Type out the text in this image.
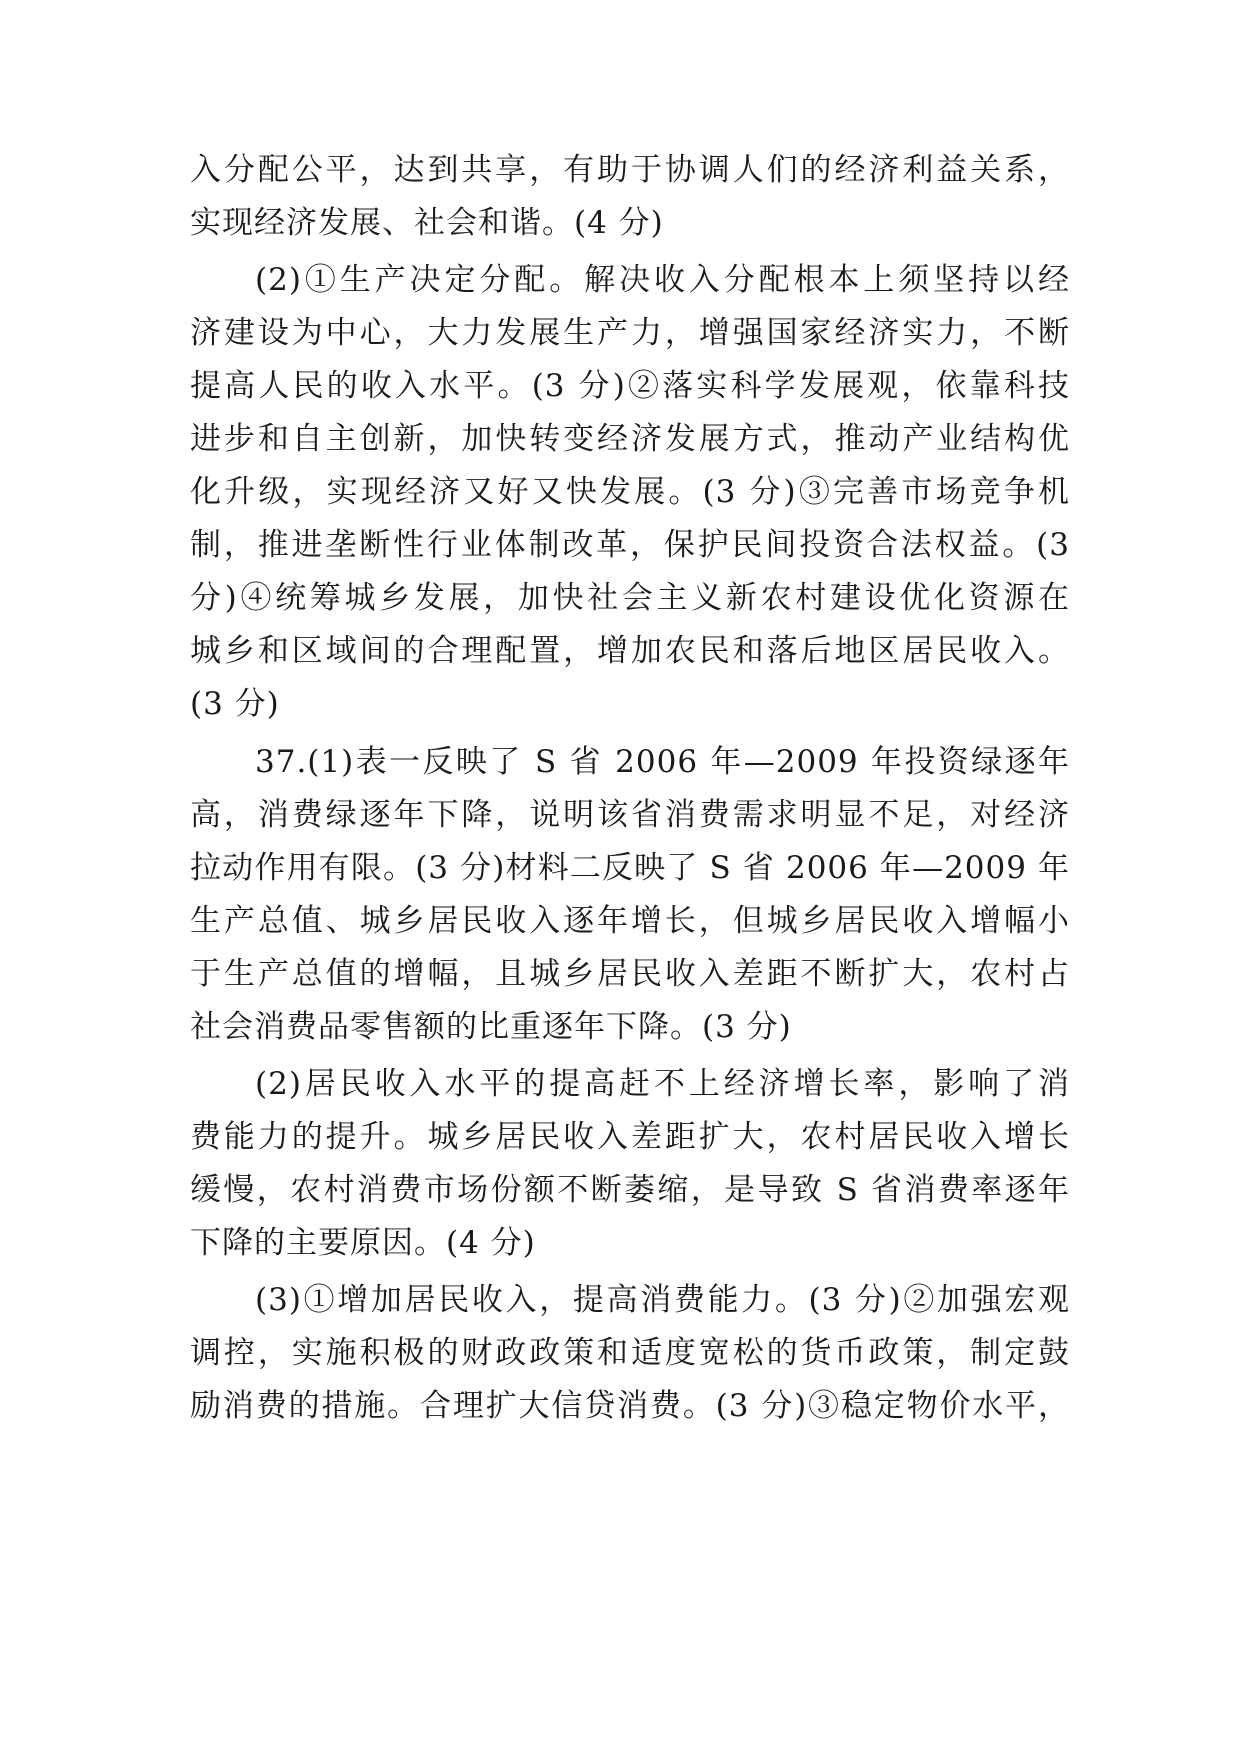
入分配公平，达到共享，有助于协调人们的经济利益关系，
实现经济发展、社会和谐。(4 分)
(2)①生产决定分配。解决收入分配根本上须坚持以经
济建设为中心，大力发展生产力，增强国家经济实力，不断
提高人民的收入水平。(3 分)②落实科学发展观，依靠科技
进步和自主创新，加快转变经济发展方式，推动产业结构优
化升级，实现经济又好又快发展。(3 分)③完善市场竞争机
制，推进垄断性行业体制改革，保护民间投资合法权益。(3
分)④统筹城乡发展，加快社会主义新农村建设优化资源在
城乡和区域间的合理配置，增加农民和落后地区居民收入。
(3 分)
37.(1)表一反映了 S 省 2006 年—2009 年投资绿逐年
高，消费绿逐年下降，说明该省消费需求明显不足，对经济
拉动作用有限。(3 分)材料二反映了 S 省 2006 年—2009 年
生产总值、城乡居民收入逐年增长，但城乡居民收入增幅小
于生产总值的增幅，且城乡居民收入差距不断扩大，农村占
社会消费品零售额的比重逐年下降。(3 分)
(2)居民收入水平的提高赶不上经济增长率，影响了消
费能力的提升。城乡居民收入差距扩大，农村居民收入增长
缓慢，农村消费市场份额不断萎缩，是导致 S 省消费率逐年
下降的主要原因。(4 分)
(3)①增加居民收入，提高消费能力。(3 分)②加强宏观
调控，实施积极的财政政策和适度宽松的货币政策，制定鼓
励消费的措施。合理扩大信贷消费。(3 分)③稳定物价水平，
